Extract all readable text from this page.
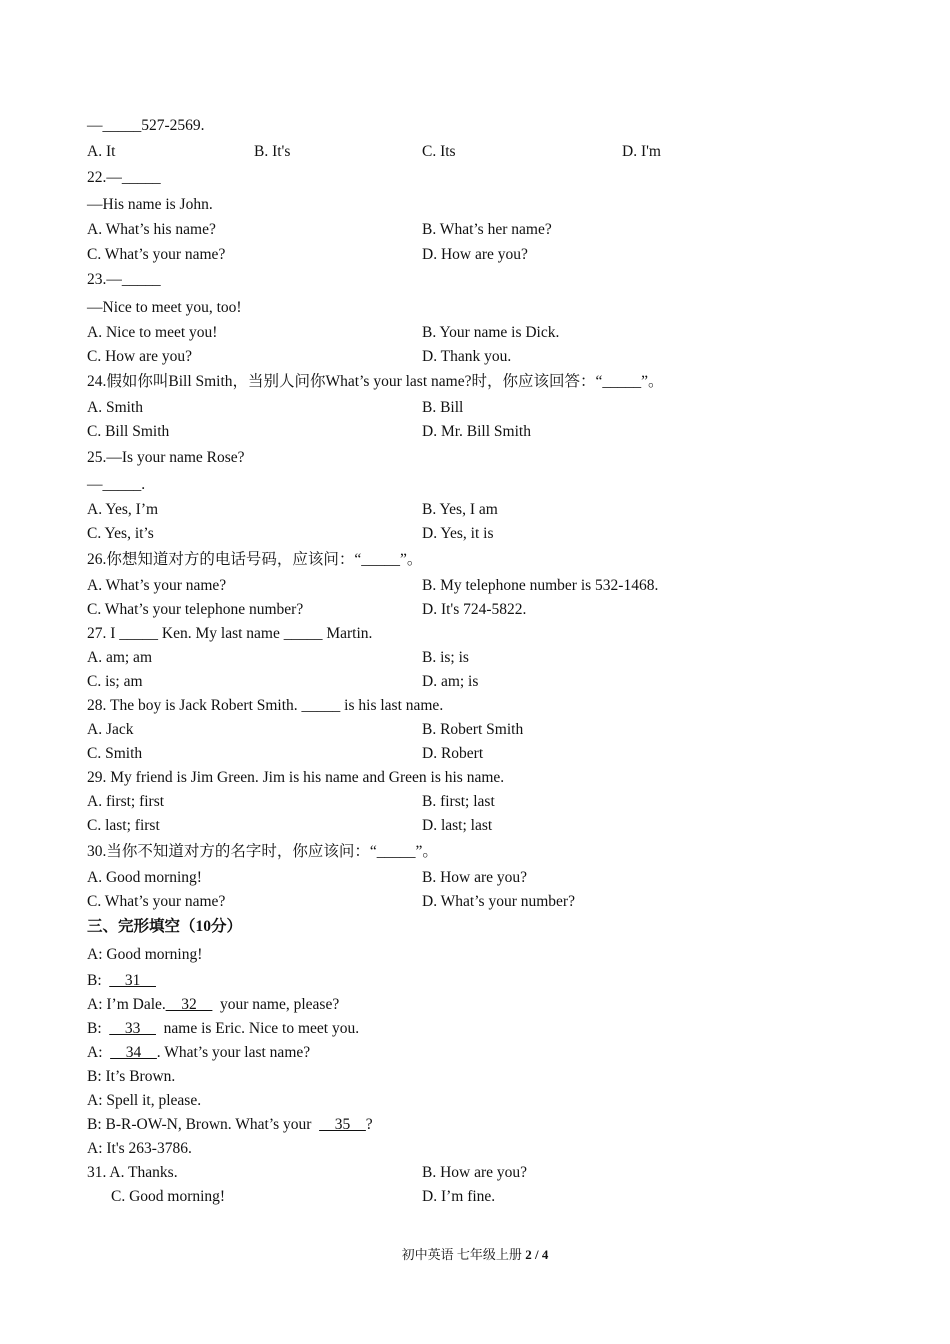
—_____527-2569.
A. It	B. It's	C. Its	D. I'm
22.—_____
—His name is John.
A. What’s his name?	B. What’s her name?
C. What’s your name?	D. How are you?
23.—_____
—Nice to meet you, too!
A. Nice to meet you!	B. Your name is Dick.
C. How are you?	D. Thank you.
24.假如你叫Bill Smith，当别人问你What’s your last name?时，你应该回答：“_____”。
A. Smith	B. Bill
C. Bill Smith	D. Mr. Bill Smith
25.—Is your name Rose?
—_____.
A. Yes, I’m	B. Yes, I am
C. Yes, it’s	D. Yes, it is
26.你想知道对方的电话号码，应该问：“_____”。
A. What’s your name?	B. My telephone number is 532-1468.
C. What’s your telephone number?	D. It's 724-5822.
27. I _____ Ken. My last name _____ Martin.
A. am; am	B. is; is
C. is; am	D. am; is
28. The boy is Jack Robert Smith. _____ is his last name.
A. Jack	B. Robert Smith
C. Smith	D. Robert
29. My friend is Jim Green. Jim is his name and Green is his name.
A. first; first	B. first; last
C. last; first	D. last; last
30.当你不知道对方的名字时，你应该问：“_____”。
A. Good morning!	B. How are you?
C. What’s your name?	D. What’s your number?
三、完形填空（10分）
A: Good morning!
B:  __31__
A: I’m Dale.__32__  your name, please?
B:  __33__  name is Eric. Nice to meet you.
A:  __34__. What’s your last name?
B: It’s Brown.
A: Spell it, please.
B: B-R-OW-N, Brown. What’s your  __35__?
A: It's 263-3786.
31. A. Thanks.	B. How are you?
C. Good morning!	D. I’m fine.
初中英语 七年级上册 2 / 4
